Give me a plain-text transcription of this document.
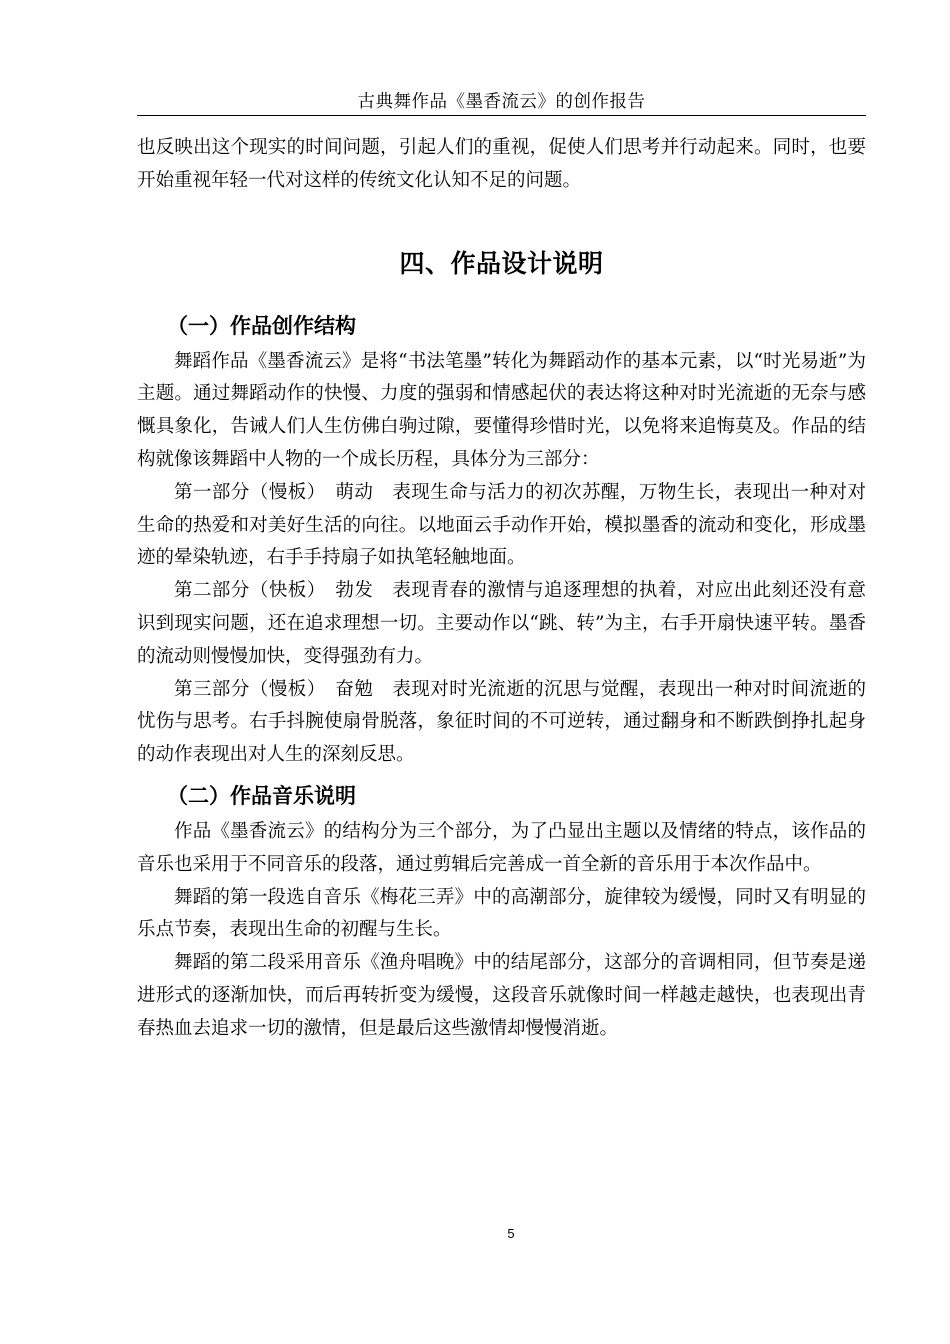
古典舞作品《墨香流云》的创作报告

也反映出这个现实的时间问题，引起人们的重视，促使人们思考并行动起来。同时，也要开始重视年轻一代对这样的传统文化认知不足的问题。

四、作品设计说明
（一）作品创作结构

舞蹈作品《墨香流云》是将“书法笔墨”转化为舞蹈动作的基本元素，以“时光易逝”为主题。通过舞蹈动作的快慢、力度的强弱和情感起伏的表达将这种对时光流逝的无奈与感慨具象化，告诫人们人生仿佛白驹过隙，要懂得珍惜时光，以免将来追悔莫及。作品的结构就像该舞蹈中人物的一个成长历程，具体分为三部分：

第一部分（慢板）　萌动　表现生命与活力的初次苏醒，万物生长，表现出一种对对生命的热爱和对美好生活的向往。以地面云手动作开始，模拟墨香的流动和变化，形成墨迹的晕染轨迹，右手手持扇子如执笔轻触地面。

第二部分（快板）　勃发　表现青春的激情与追逐理想的执着，对应出此刻还没有意识到现实问题，还在追求理想一切。主要动作以“跳、转”为主，右手开扇快速平转。墨香的流动则慢慢加快，变得强劲有力。

第三部分（慢板）　奋勉　表现对时光流逝的沉思与觉醒，表现出一种对时间流逝的忧伤与思考。右手抖腕使扇骨脱落，象征时间的不可逆转，通过翻身和不断跌倒挣扎起身的动作表现出对人生的深刻反思。

（二）作品音乐说明

作品《墨香流云》的结构分为三个部分，为了凸显出主题以及情绪的特点，该作品的音乐也采用于不同音乐的段落，通过剪辑后完善成一首全新的音乐用于本次作品中。

舞蹈的第一段选自音乐《梅花三弄》中的高潮部分，旋律较为缓慢，同时又有明显的乐点节奏，表现出生命的初醒与生长。

舞蹈的第二段采用音乐《渔舟唱晚》中的结尾部分，这部分的音调相同，但节奏是递进形式的逐渐加快，而后再转折变为缓慢，这段音乐就像时间一样越走越快，也表现出青春热血去追求一切的激情，但是最后这些激情却慢慢消逝。

5
